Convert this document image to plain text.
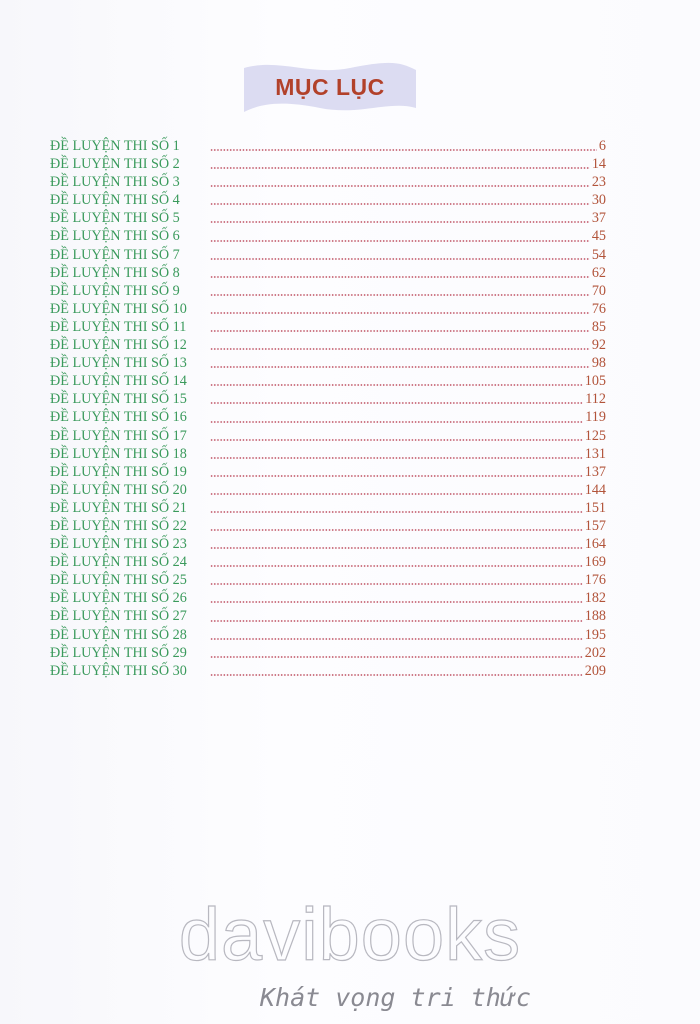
MỤC LỤC
ĐỀ LUYỆN THI SỐ 1	6
ĐỀ LUYỆN THI SỐ 2	14
ĐỀ LUYỆN THI SỐ 3	23
ĐỀ LUYỆN THI SỐ 4	30
ĐỀ LUYỆN THI SỐ 5	37
ĐỀ LUYỆN THI SỐ 6	45
ĐỀ LUYỆN THI SỐ 7	54
ĐỀ LUYỆN THI SỐ 8	62
ĐỀ LUYỆN THI SỐ 9	70
ĐỀ LUYỆN THI SỐ 10	76
ĐỀ LUYỆN THI SỐ 11	85
ĐỀ LUYỆN THI SỐ 12	92
ĐỀ LUYỆN THI SỐ 13	98
ĐỀ LUYỆN THI SỐ 14	105
ĐỀ LUYỆN THI SỐ 15	112
ĐỀ LUYỆN THI SỐ 16	119
ĐỀ LUYỆN THI SỐ 17	125
ĐỀ LUYỆN THI SỐ 18	131
ĐỀ LUYỆN THI SỐ 19	137
ĐỀ LUYỆN THI SỐ 20	144
ĐỀ LUYỆN THI SỐ 21	151
ĐỀ LUYỆN THI SỐ 22	157
ĐỀ LUYỆN THI SỐ 23	164
ĐỀ LUYỆN THI SỐ 24	169
ĐỀ LUYỆN THI SỐ 25	176
ĐỀ LUYỆN THI SỐ 26	182
ĐỀ LUYỆN THI SỐ 27	188
ĐỀ LUYỆN THI SỐ 28	195
ĐỀ LUYỆN THI SỐ 29	202
ĐỀ LUYỆN THI SỐ 30	209
davibooks
Khát vọng tri thức
